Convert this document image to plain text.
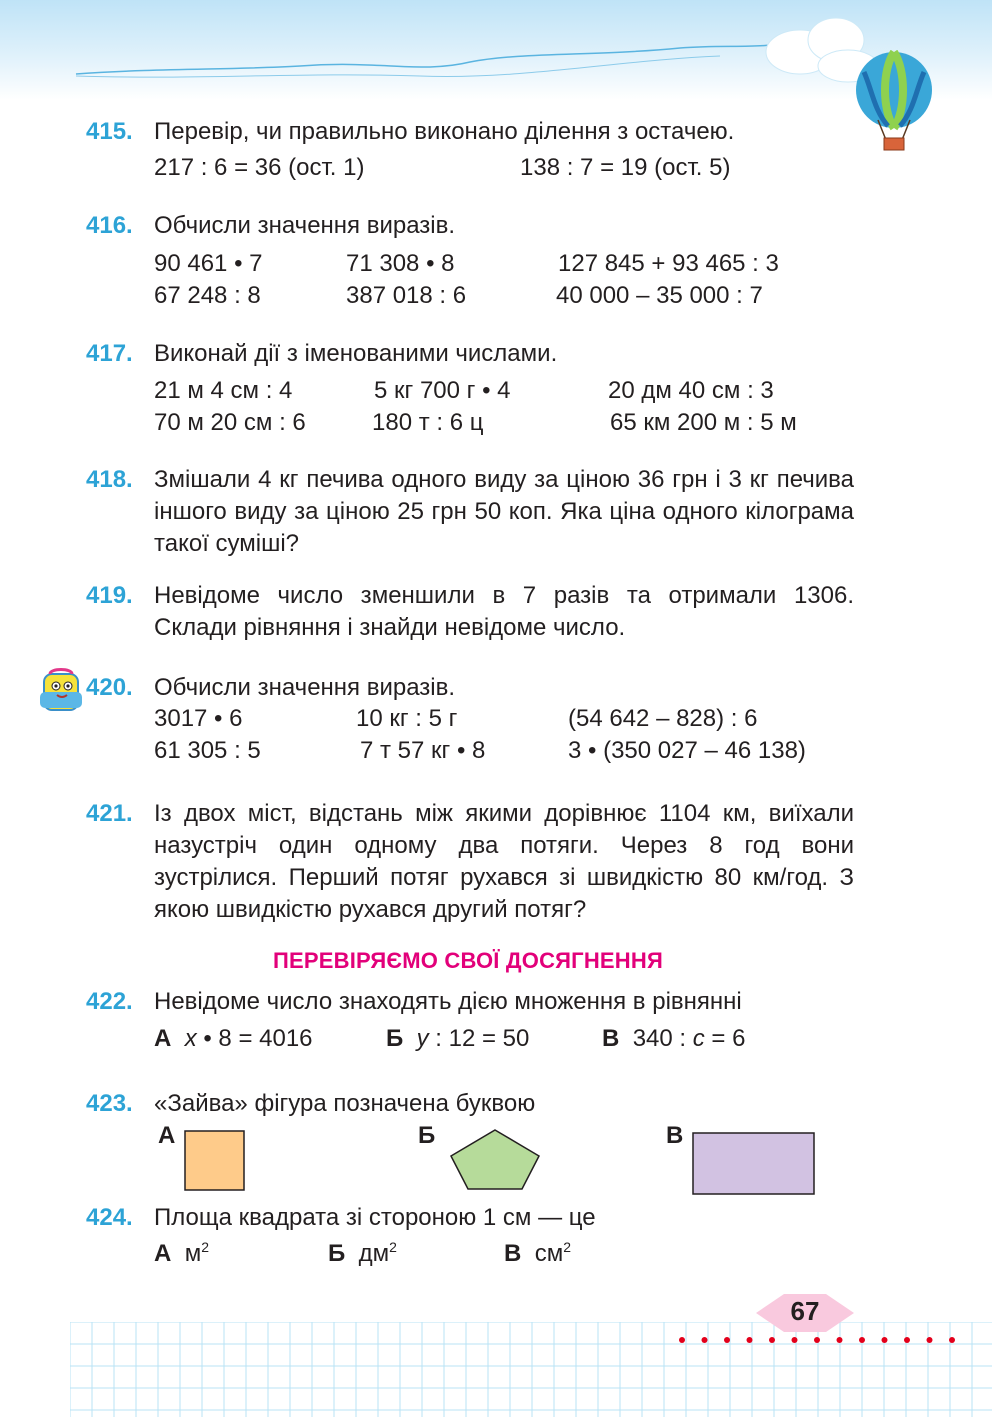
415. Перевір, чи правильно виконано ділення з остачею.
217 : 6 = 36 (ост. 1)	138 : 7 = 19 (ост. 5)
416. Обчисли значення виразів.
90 461 • 7	71 308 • 8	127 845 + 93 465 : 3
67 248 : 8	387 018 : 6	40 000 – 35 000 : 7
417. Виконай дії з іменованими числами.
21 м 4 см : 4	5 кг 700 г • 4	20 дм 40 см : 3
70 м 20 см : 6	180 т : 6 ц	65 км 200 м : 5 м
418. Змішали 4 кг печива одного виду за ціною 36 грн і 3 кг печива іншого виду за ціною 25 грн 50 коп. Яка ціна одного кілограма такої суміші?
419. Невідоме число зменшили в 7 разів та отримали 1306. Склади рівняння і знайди невідоме число.
420. Обчисли значення виразів.
3017 • 6	10 кг : 5 г	(54 642 – 828) : 6
61 305 : 5	7 т 57 кг • 8	3 • (350 027 – 46 138)
421. Із двох міст, відстань між якими дорівнює 1104 км, виїхали назустріч один одному два потяги. Через 8 год вони зустрілися. Перший потяг рухався зі швидкістю 80 км/год. З якою швидкістю рухався другий потяг?
ПЕРЕВІРЯЄМО СВОЇ ДОСЯГНЕННЯ
422. Невідоме число знаходять дією множення в рівнянні
А x • 8 = 4016	Б y : 12 = 50	В 340 : c = 6
423. «Зайва» фігура позначена буквою
А	Б	В
424. Площа квадрата зі стороною 1 см — це
А $м^2$	Б $дм^2$	В $см^2$
67
